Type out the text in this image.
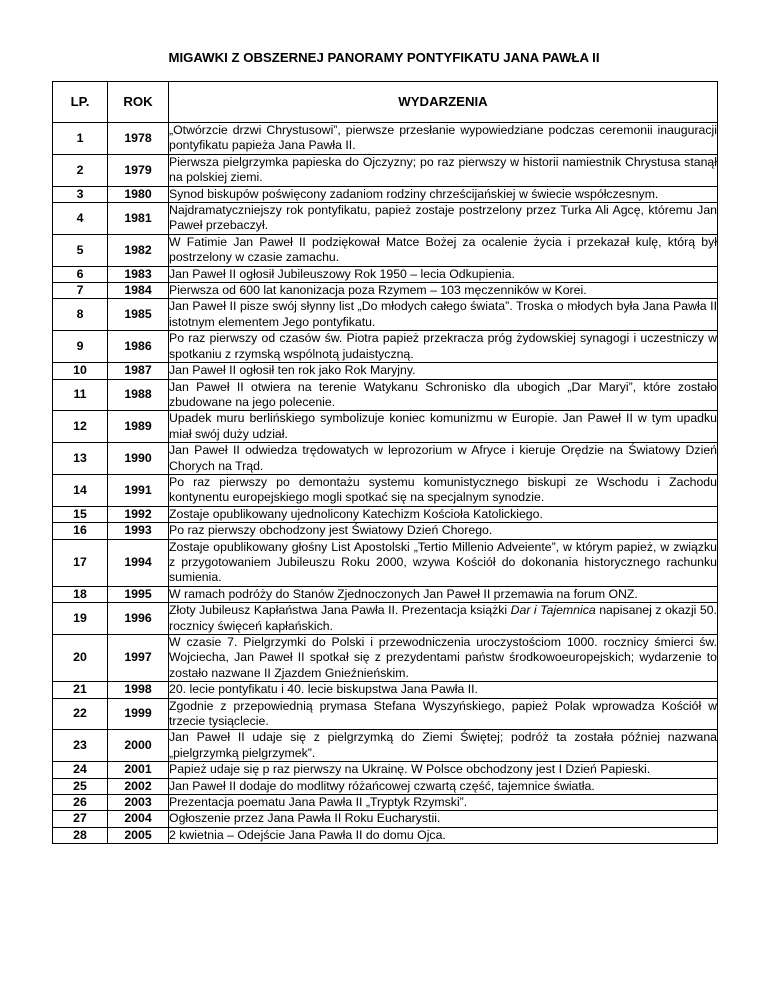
MIGAWKI Z OBSZERNEJ PANORAMY PONTYFIKATU JANA PAWŁA II
LP.	ROK	WYDARZENIA
1	1978	„Otwórzcie drzwi Chrystusowi”, pierwsze przesłanie wypowiedziane podczas ceremonii inauguracji pontyfikatu papieża Jana Pawła II.
2	1979	Pierwsza pielgrzymka papieska do Ojczyzny; po raz pierwszy w historii namiestnik Chrystusa stanął na polskiej ziemi.
3	1980	Synod biskupów poświęcony zadaniom rodziny chrześcijańskiej w świecie współczesnym.
4	1981	Najdramatyczniejszy rok pontyfikatu, papież zostaje postrzelony przez Turka Ali Agcę, któremu Jan Paweł przebaczył.
5	1982	W Fatimie Jan Paweł II podziękował Matce Bożej za ocalenie życia i przekazał kulę, którą był postrzelony w czasie zamachu.
6	1983	Jan Paweł II ogłosił Jubileuszowy Rok 1950 – lecia Odkupienia.
7	1984	Pierwsza od 600 lat kanonizacja poza Rzymem – 103 męczenników w Korei.
8	1985	Jan Paweł II pisze swój słynny list „Do młodych całego świata”. Troska o młodych była Jana Pawła II istotnym elementem Jego pontyfikatu.
9	1986	Po raz pierwszy od czasów św. Piotra papież przekracza próg żydowskiej synagogi i uczestniczy w spotkaniu z rzymską wspólnotą judaistyczną.
10	1987	Jan Paweł II ogłosił ten rok jako Rok Maryjny.
11	1988	Jan Paweł II otwiera na terenie Watykanu Schronisko dla ubogich „Dar Maryi”, które zostało zbudowane na jego polecenie.
12	1989	Upadek muru berlińskiego symbolizuje koniec komunizmu w Europie. Jan Paweł II w tym upadku miał swój duży udział.
13	1990	Jan Paweł II odwiedza trędowatych w leprozorium w Afryce i kieruje Orędzie na Światowy Dzień Chorych na Trąd.
14	1991	Po raz pierwszy po demontażu systemu komunistycznego biskupi ze Wschodu i Zachodu kontynentu europejskiego mogli spotkać się na specjalnym synodzie.
15	1992	Zostaje opublikowany ujednolicony Katechizm Kościoła Katolickiego.
16	1993	Po raz pierwszy obchodzony jest Światowy Dzień Chorego.
17	1994	Zostaje opublikowany głośny List Apostolski „Tertio Millenio Adveiente”, w którym papież, w związku z przygotowaniem Jubileuszu Roku 2000, wzywa Kościół do dokonania historycznego rachunku sumienia.
18	1995	W ramach podróży do Stanów Zjednoczonych Jan Paweł II przemawia na forum ONZ.
19	1996	Złoty Jubileusz Kapłaństwa Jana Pawła II. Prezentacja książki Dar i Tajemnica napisanej z okazji 50. rocznicy święceń kapłańskich.
20	1997	W czasie 7. Pielgrzymki do Polski i przewodniczenia uroczystościom 1000. rocznicy śmierci św. Wojciecha, Jan Paweł II spotkał się z prezydentami państw środkowoeuropejskich; wydarzenie to zostało nazwane II Zjazdem Gnieźnieńskim.
21	1998	20. lecie pontyfikatu i 40. lecie biskupstwa Jana Pawła II.
22	1999	Zgodnie z przepowiednią prymasa Stefana Wyszyńskiego, papież Polak wprowadza Kościół w trzecie tysiąclecie.
23	2000	Jan Paweł II udaje się z pielgrzymką do Ziemi Świętej; podróż ta została później nazwana „pielgrzymką pielgrzymek”.
24	2001	Papież udaje się p raz pierwszy na Ukrainę. W Polsce obchodzony jest I Dzień Papieski.
25	2002	Jan Paweł II dodaje do modlitwy różańcowej czwartą część, tajemnice światła.
26	2003	Prezentacja poematu Jana Pawła II „Tryptyk Rzymski”.
27	2004	Ogłoszenie przez Jana Pawła II Roku Eucharystii.
28	2005	2 kwietnia – Odejście Jana Pawła II do domu Ojca.
